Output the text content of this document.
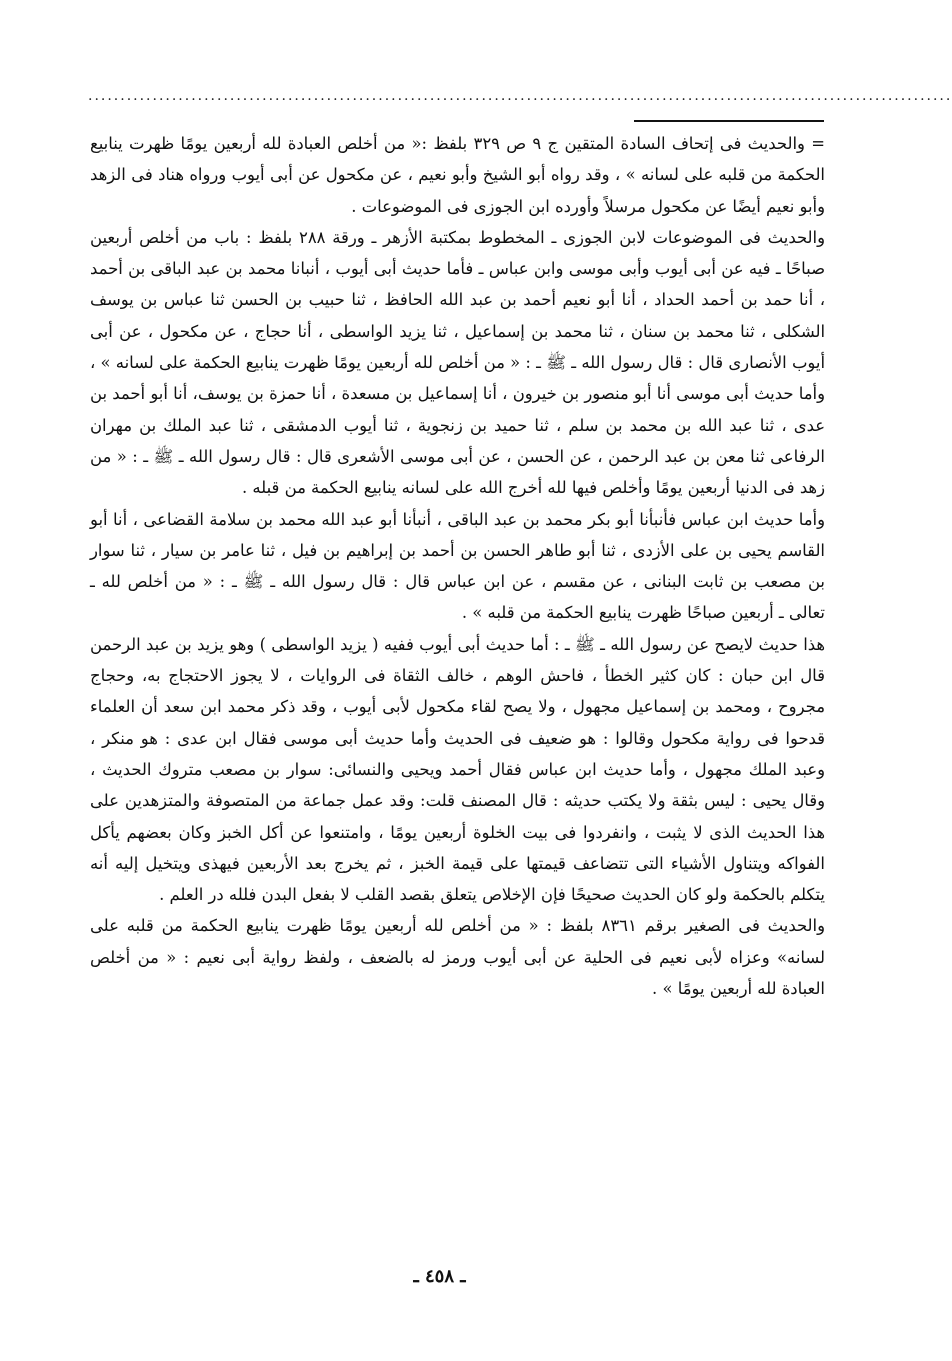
......................................................................................................................................

= والحديث فى إتحاف السادة المتقين ج ٩ ص ٣٢٩ بلفظ :« من أخلص العبادة لله أربعين يومًا ظهرت ينابيع الحكمة من قلبه على لسانه » ، وقد رواه أبو الشيخ وأبو نعيم ، عن مكحول عن أبى أيوب ورواه هناد فى الزهد وأبو نعيم أيضًا عن مكحول مرسلاً وأورده ابن الجوزى فى الموضوعات .

والحديث فى الموضوعات لابن الجوزى ـ المخطوط بمكتبة الأزهر ـ ورقة ٢٨٨ بلفظ : باب من أخلص أربعين صباحًا ـ فيه عن أبى أيوب وأبى موسى وابن عباس ـ فأما حديث أبى أيوب ، أنبانا محمد بن عبد الباقى بن أحمد ، أنا حمد بن أحمد الحداد ، أنا أبو نعيم أحمد بن عبد الله الحافظ ، ثنا حبيب بن الحسن ثنا عباس بن يوسف الشكلى ، ثنا محمد بن سنان ، ثنا محمد بن إسماعيل ، ثنا يزيد الواسطى ، أنا حجاج ، عن مكحول ، عن أبى أيوب الأنصارى قال : قال رسول الله ـ ﷺ ـ : « من أخلص لله أربعين يومًا ظهرت ينابيع الحكمة على لسانه » ، وأما حديث أبى موسى أنا أبو منصور بن خيرون ، أنا إسماعيل بن مسعدة ، أنا حمزة بن يوسف، أنا أبو أحمد بن عدى ، ثنا عبد الله بن محمد بن سلم ، ثنا حميد بن زنجوية ، ثنا أيوب الدمشقى ، ثنا عبد الملك بن مهران الرفاعى ثنا معن بن عبد الرحمن ، عن الحسن ، عن أبى موسى الأشعرى قال : قال رسول الله ـ ﷺ ـ : « من زهد فى الدنيا أربعين يومًا وأخلص فيها لله أخرج الله على لسانه ينابيع الحكمة من قبله .

وأما حديث ابن عباس فأنبأنا أبو بكر محمد بن عبد الباقى ، أنبأنا أبو عبد الله محمد بن سلامة القضاعى ، أنا أبو القاسم يحيى بن على الأزدى ، ثنا أبو طاهر الحسن بن أحمد بن إبراهيم بن فيل ، ثنا عامر بن سيار ، ثنا سوار بن مصعب بن ثابت البنانى ، عن مقسم ، عن ابن عباس قال : قال رسول الله ـ ﷺ ـ : « من أخلص لله ـ تعالى ـ أربعين صباحًا ظهرت ينابيع الحكمة من قلبه » .

هذا حديث لايصح عن رسول الله ـ ﷺ ـ : أما حديث أبى أيوب ففيه ( يزيد الواسطى ) وهو يزيد بن عبد الرحمن قال ابن حبان : كان كثير الخطأ ، فاحش الوهم ، خالف الثقاة فى الروايات ، لا يجوز الاحتجاج به، وحجاج مجروح ، ومحمد بن إسماعيل مجهول ، ولا يصح لقاء مكحول لأبى أيوب ، وقد ذكر محمد ابن سعد أن العلماء قدحوا فى رواية مكحول وقالوا : هو ضعيف فى الحديث وأما حديث أبى موسى فقال ابن عدى : هو منكر ، وعبد الملك مجهول ، وأما حديث ابن عباس فقال أحمد ويحيى والنسائى: سوار بن مصعب متروك الحديث ، وقال يحيى : ليس بثقة ولا يكتب حديثه : قال المصنف قلت: وقد عمل جماعة من المتصوفة والمتزهدين على هذا الحديث الذى لا يثبت ، وانفردوا فى بيت الخلوة أربعين يومًا ، وامتنعوا عن أكل الخبز وكان بعضهم يأكل الفواكه ويتناول الأشياء التى تتضاعف قيمتها على قيمة الخبز ، ثم يخرج بعد الأربعين فيهذى ويتخيل إليه أنه يتكلم بالحكمة ولو كان الحديث صحيحًا فإن الإخلاص يتعلق بقصد القلب لا بفعل البدن فلله در العلم .

والحديث فى الصغير برقم ٨٣٦١ بلفظ : « من أخلص لله أربعين يومًا ظهرت ينابيع الحكمة من قلبه على لسانه» وعزاه لأبى نعيم فى الحلية عن أبى أيوب ورمز له بالضعف ، ولفظ رواية أبى نعيم : « من أخلص العبادة لله أربعين يومًا » .

ـ ٤٥٨ ـ
